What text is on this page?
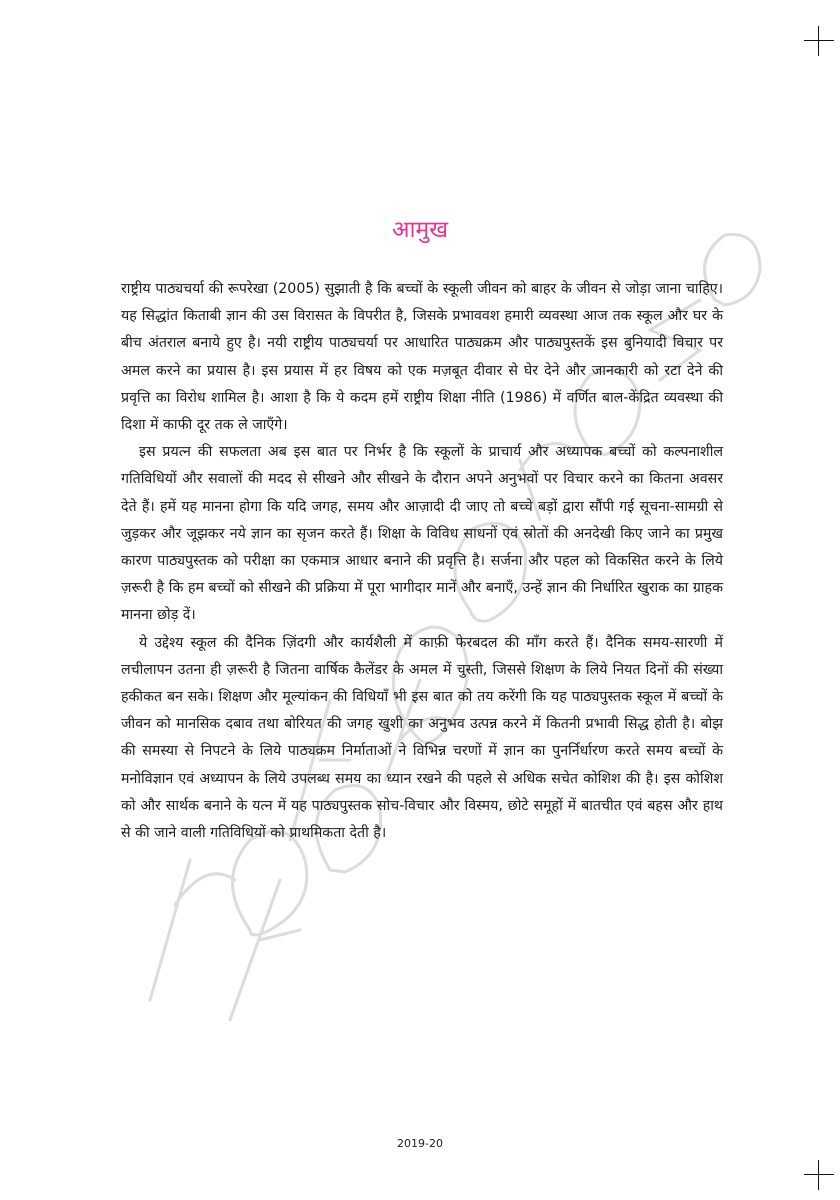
आमुख

राष्ट्रीय पाठ्यचर्या की रूपरेखा (2005) सुझाती है कि बच्चों के स्कूली जीवन को बाहर के जीवन से जोड़ा जाना चाहिए। यह सिद्धांत किताबी ज्ञान की उस विरासत के विपरीत है, जिसके प्रभाववश हमारी व्यवस्था आज तक स्कूल और घर के बीच अंतराल बनाये हुए है। नयी राष्ट्रीय पाठ्यचर्या पर आधारित पाठ्यक्रम और पाठ्यपुस्तकें इस बुनियादी विचार पर अमल करने का प्रयास है। इस प्रयास में हर विषय को एक मज़बूत दीवार से घेर देने और जानकारी को रटा देने की प्रवृत्ति का विरोध शामिल है। आशा है कि ये कदम हमें राष्ट्रीय शिक्षा नीति (1986) में वर्णित बाल-केंद्रित व्यवस्था की दिशा में काफी दूर तक ले जाएँगे।

इस प्रयत्न की सफलता अब इस बात पर निर्भर है कि स्कूलों के प्राचार्य और अध्यापक बच्चों को कल्पनाशील गतिविधियों और सवालों की मदद से सीखने और सीखने के दौरान अपने अनुभवों पर विचार करने का कितना अवसर देते हैं। हमें यह मानना होगा कि यदि जगह, समय और आज़ादी दी जाए तो बच्चे बड़ों द्वारा सौंपी गई सूचना-सामग्री से जुड़कर और जूझकर नये ज्ञान का सृजन करते हैं। शिक्षा के विविध साधनों एवं स्रोतों की अनदेखी किए जाने का प्रमुख कारण पाठ्यपुस्तक को परीक्षा का एकमात्र आधार बनाने की प्रवृत्ति है। सर्जना और पहल को विकसित करने के लिये ज़रूरी है कि हम बच्चों को सीखने की प्रक्रिया में पूरा भागीदार मानें और बनाएँ, उन्हें ज्ञान की निर्धारित खुराक का ग्राहक मानना छोड़ दें।

ये उद्देश्य स्कूल की दैनिक ज़िंदगी और कार्यशैली में काफ़ी फेरबदल की माँग करते हैं। दैनिक समय-सारणी में लचीलापन उतना ही ज़रूरी है जितना वार्षिक कैलेंडर के अमल में चुस्ती, जिससे शिक्षण के लिये नियत दिनों की संख्या हकीकत बन सके। शिक्षण और मूल्यांकन की विधियाँ भी इस बात को तय करेंगी कि यह पाठ्यपुस्तक स्कूल में बच्चों के जीवन को मानसिक दबाव तथा बोरियत की जगह खुशी का अनुभव उत्पन्न करने में कितनी प्रभावी सिद्ध होती है। बोझ की समस्या से निपटने के लिये पाठ्यक्रम निर्माताओं ने विभिन्न चरणों में ज्ञान का पुनर्निर्धारण करते समय बच्चों के मनोविज्ञान एवं अध्यापन के लिये उपलब्ध समय का ध्यान रखने की पहले से अधिक सचेत कोशिश की है। इस कोशिश को और सार्थक बनाने के यत्न में यह पाठ्यपुस्तक सोच-विचार और विस्मय, छोटे समूहों में बातचीत एवं बहस और हाथ से की जाने वाली गतिविधियों को प्राथमिकता देती है।

2019-20
